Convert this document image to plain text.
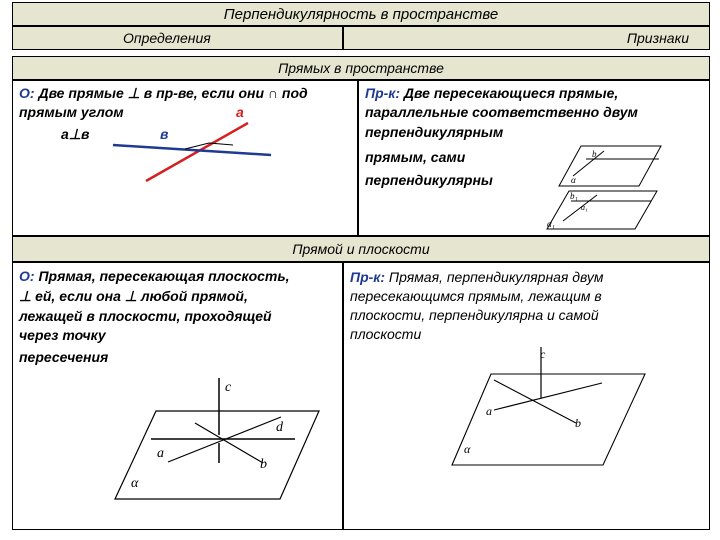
Перпендикулярность в пространстве
Определения	Признаки
Прямых в пространстве
О: Две прямые ⊥ в пр-ве, если они ∩ под
прямым углом	а
а⊥в	в
Пр-к: Две пересекающиеся прямые,
параллельные соответственно двум
перпендикулярным
прямым, сами
перпендикулярны
b
α
b₁
a₁
α₁
Прямой и плоскости
О: Прямая, пересекающая плоскость,
⊥ ей, если она ⊥ любой прямой,
лежащей в плоскости, проходящей
через точку
пересечения
c
d
a
b
α
Пр-к: Прямая, перпендикулярная двум
пересекающимся прямым, лежащим в
плоскости, перпендикулярна и самой
плоскости
c
a
b
α
